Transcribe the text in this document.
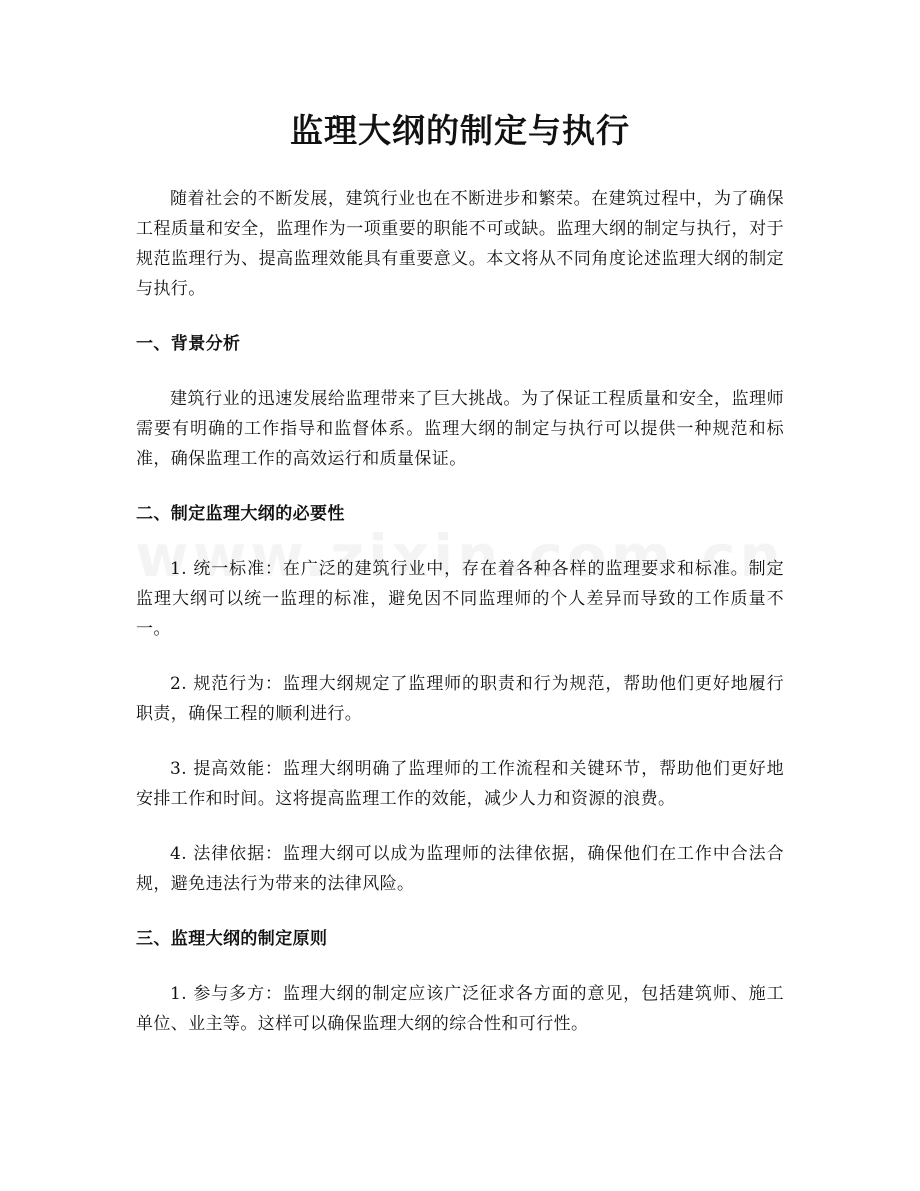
监理大纲的制定与执行

随着社会的不断发展，建筑行业也在不断进步和繁荣。在建筑过程中，为了确保工程质量和安全，监理作为一项重要的职能不可或缺。监理大纲的制定与执行，对于规范监理行为、提高监理效能具有重要意义。本文将从不同角度论述监理大纲的制定与执行。

一、背景分析

建筑行业的迅速发展给监理带来了巨大挑战。为了保证工程质量和安全，监理师需要有明确的工作指导和监督体系。监理大纲的制定与执行可以提供一种规范和标准，确保监理工作的高效运行和质量保证。

二、制定监理大纲的必要性

1. 统一标准：在广泛的建筑行业中，存在着各种各样的监理要求和标准。制定监理大纲可以统一监理的标准，避免因不同监理师的个人差异而导致的工作质量不一。

2. 规范行为：监理大纲规定了监理师的职责和行为规范，帮助他们更好地履行职责，确保工程的顺利进行。

3. 提高效能：监理大纲明确了监理师的工作流程和关键环节，帮助他们更好地安排工作和时间。这将提高监理工作的效能，减少人力和资源的浪费。

4. 法律依据：监理大纲可以成为监理师的法律依据，确保他们在工作中合法合规，避免违法行为带来的法律风险。

三、监理大纲的制定原则

1. 参与多方：监理大纲的制定应该广泛征求各方面的意见，包括建筑师、施工单位、业主等。这样可以确保监理大纲的综合性和可行性。
